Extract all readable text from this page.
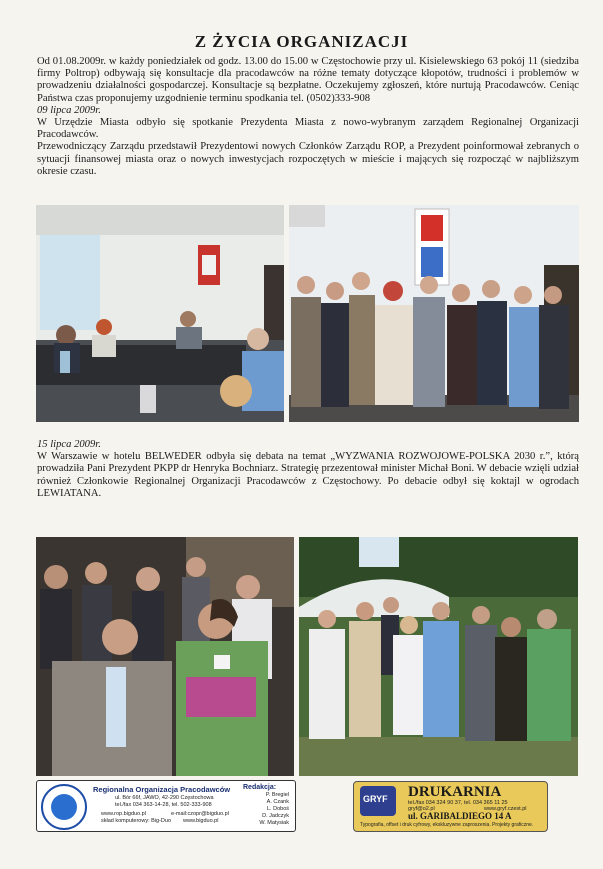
Z ŻYCIA ORGANIZACJI

Od 01.08.2009r. w każdy poniedziałek od godz. 13.00 do 15.00 w Częstochowie przy ul. Kisielewskiego 63 pokój 11 (siedziba firmy Poltrop) odbywają się konsultacje dla pracodawców na różne tematy dotyczące kłopotów, trudności i problemów w prowadzeniu działalności gospodarczej. Konsultacje są bezpłatne. Oczekujemy zgłoszeń, które nurtują Pracodawców. Ceniąc Państwa czas proponujemy uzgodnienie terminu spodkania tel. (0502)333-908

09 lipca 2009r.

W Urzędzie Miasta odbyło się spotkanie Prezydenta Miasta z nowo-wybranym zarządem Regionalnej Organizacji Pracodawców.

Przewodniczący Zarządu przedstawił Prezydentowi nowych Członków Zarządu ROP, a Prezydent poinformował zebranych o sytuacji finansowej miasta oraz o nowych inwestycjach rozpoczętych w mieście i mających się rozpocząć w najbliższym okresie czasu.

15 lipca 2009r.

W Warszawie w hotelu BELWEDER odbyła się debata na temat „WYZWANIA ROZWOJOWE-POLSKA 2030 r.”, którą prowadziła Pani Prezydent PKPP dr Henryka Bochniarz. Strategię przezentował minister Michał Boni. W debacie wzięli udział również Członkowie Regionalnej Organizacji Pracodawców z Częstochowy. Po debacie odbył się koktajl w ogrodach LEWIATANA.

Regionalna Organizacja Pracodawców
ul. Bór 66f, JAWO, 42-290 Częstochowa
tel./fax 034 363-14-28, tel. 502-333-908
www.rop.bigduo.pl	e-mail:czopr@bigduo.pl
skład komputerowy: Big-Duo www.bigduo.pl
Redakcja:
P. Bregiel
A. Czank
L. Doboś
D. Jadczyk
W. Matysiak
GRYF DRUKARNIA
tel./fax 034 324 90 37, tel. 034 365 11 25
gryf@o2.pl	www.gryf.czest.pl
ul. GARIBALDIEGO 14 A
Typografia, offset i druk cyfrowy, ekskluzywne zaproszenia. Projekty graficzne.
